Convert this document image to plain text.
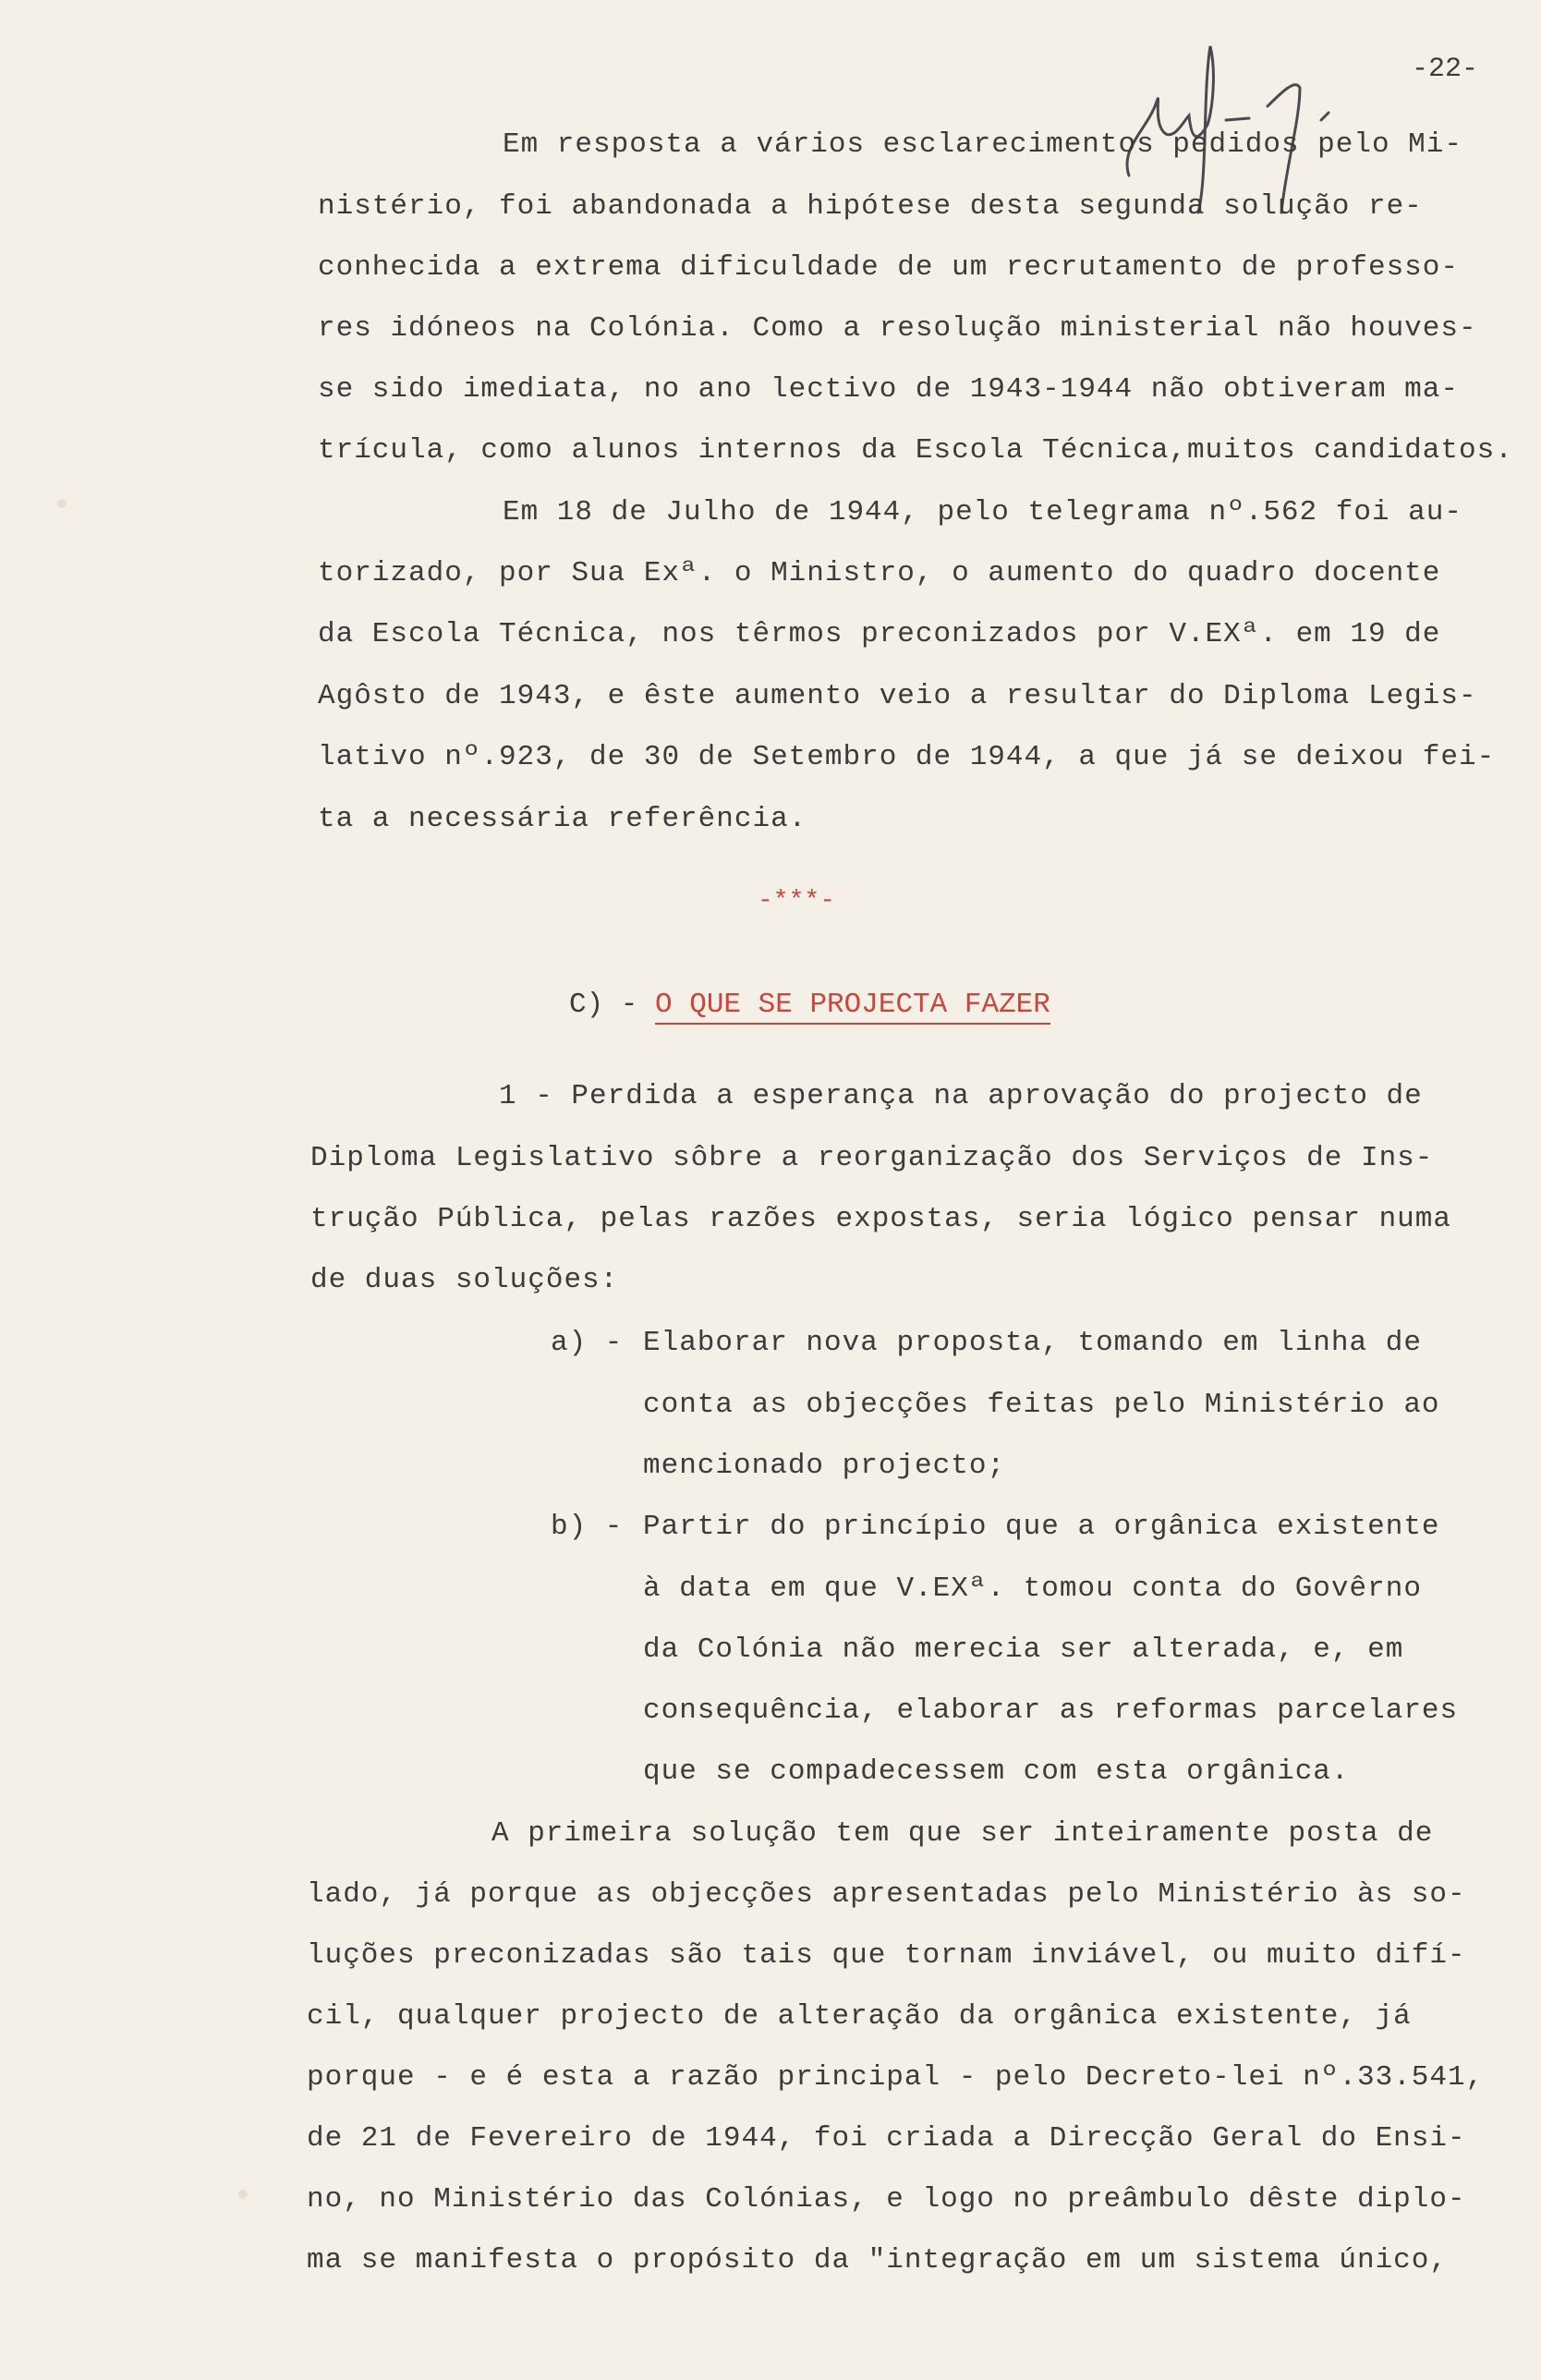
-22-
Em resposta a vários esclarecimentos pedidos pelo Mi-
nistério, foi abandonada a hipótese desta segunda solução re-
conhecida a extrema dificuldade de um recrutamento de professo-
res idóneos na Colónia. Como a resolução ministerial não houves-
se sido imediata, no ano lectivo de 1943-1944 não obtiveram ma-
trícula, como alunos internos da Escola Técnica,muitos candidatos.
Em 18 de Julho de 1944, pelo telegrama nº.562 foi au-
torizado, por Sua Exª. o Ministro, o aumento do quadro docente
da Escola Técnica, nos têrmos preconizados por V.EXª. em 19 de
Agôsto de 1943, e êste aumento veio a resultar do Diploma Legis-
lativo nº.923, de 30 de Setembro de 1944, a que já se deixou fei-
ta a necessária referência.
-***-
C) - O QUE SE PROJECTA FAZER
1 - Perdida a esperança na aprovação do projecto de
Diploma Legislativo sôbre a reorganização dos Serviços de Ins-
trução Pública, pelas razões expostas, seria lógico pensar numa
de duas soluções:
a) - Elaborar nova proposta, tomando em linha de
conta as objecções feitas pelo Ministério ao
mencionado projecto;
b) - Partir do princípio que a orgânica existente
à data em que V.EXª. tomou conta do Govêrno
da Colónia não merecia ser alterada, e, em
consequência, elaborar as reformas parcelares
que se compadecessem com esta orgânica.
A primeira solução tem que ser inteiramente posta de
lado, já porque as objecções apresentadas pelo Ministério às so-
luções preconizadas são tais que tornam inviável, ou muito difí-
cil, qualquer projecto de alteração da orgânica existente, já
porque - e é esta a razão principal - pelo Decreto-lei nº.33.541,
de 21 de Fevereiro de 1944, foi criada a Direcção Geral do Ensi-
no, no Ministério das Colónias, e logo no preâmbulo dêste diplo-
ma se manifesta o propósito da "integração em um sistema único,
